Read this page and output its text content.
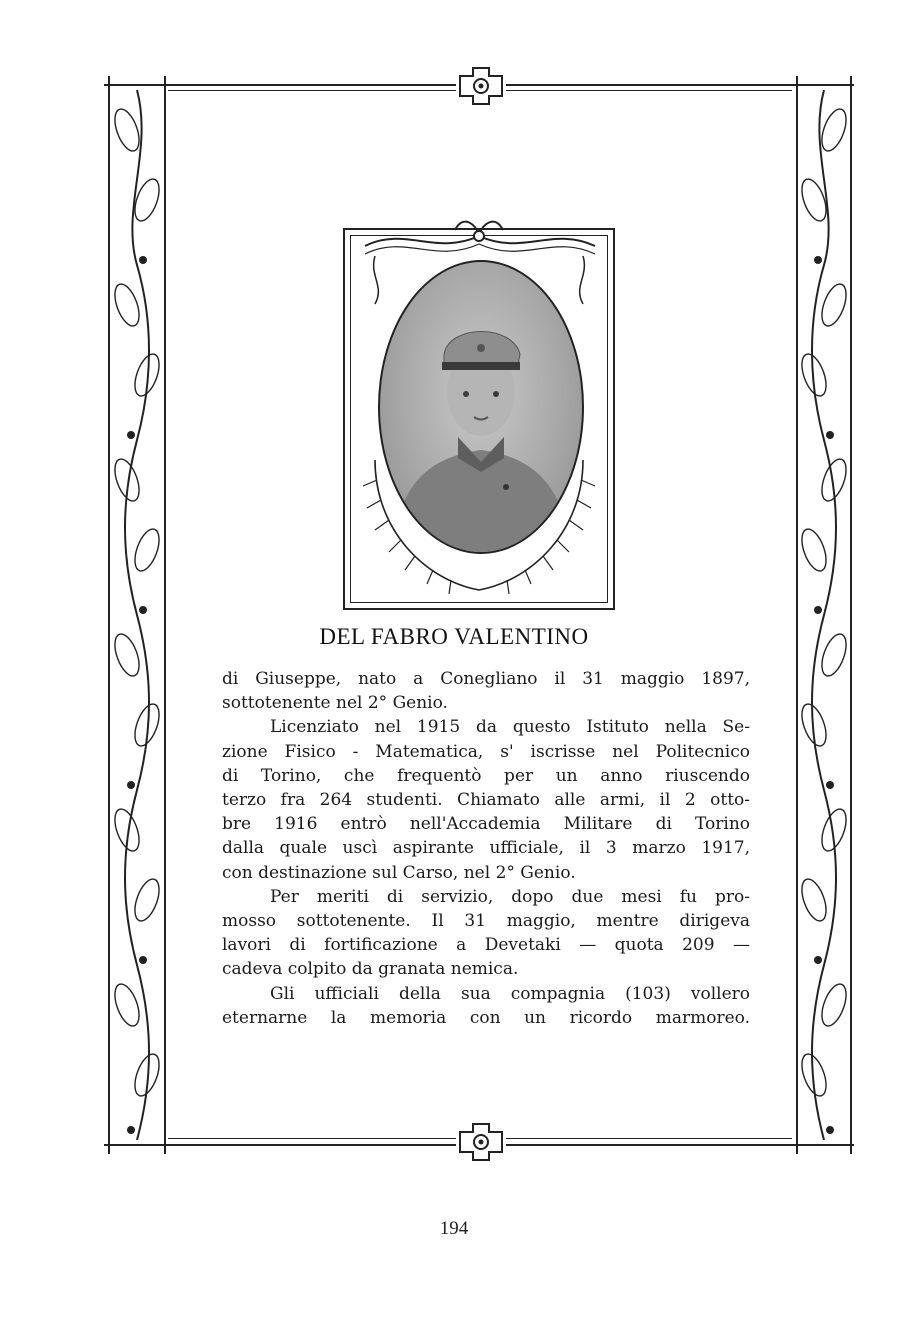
DEL FABRO VALENTINO
di Giuseppe, nato a Conegliano il 31 maggio 1897,
sottotenente nel 2° Genio.
Licenziato nel 1915 da questo Istituto nella Se-
zione Fisico - Matematica, s' iscrisse nel Politecnico
di Torino, che frequentò per un anno riuscendo
terzo fra 264 studenti. Chiamato alle armi, il 2 otto-
bre 1916 entrò nell'Accademia Militare di Torino
dalla quale uscì aspirante ufficiale, il 3 marzo 1917,
con destinazione sul Carso, nel 2° Genio.
Per meriti di servizio, dopo due mesi fu pro-
mosso sottotenente. Il 31 maggio, mentre dirigeva
lavori di fortificazione a Devetaki — quota 209 —
cadeva colpito da granata nemica.
Gli ufficiali della sua compagnia (103) vollero
eternarne la memoria con un ricordo marmoreo.
194
